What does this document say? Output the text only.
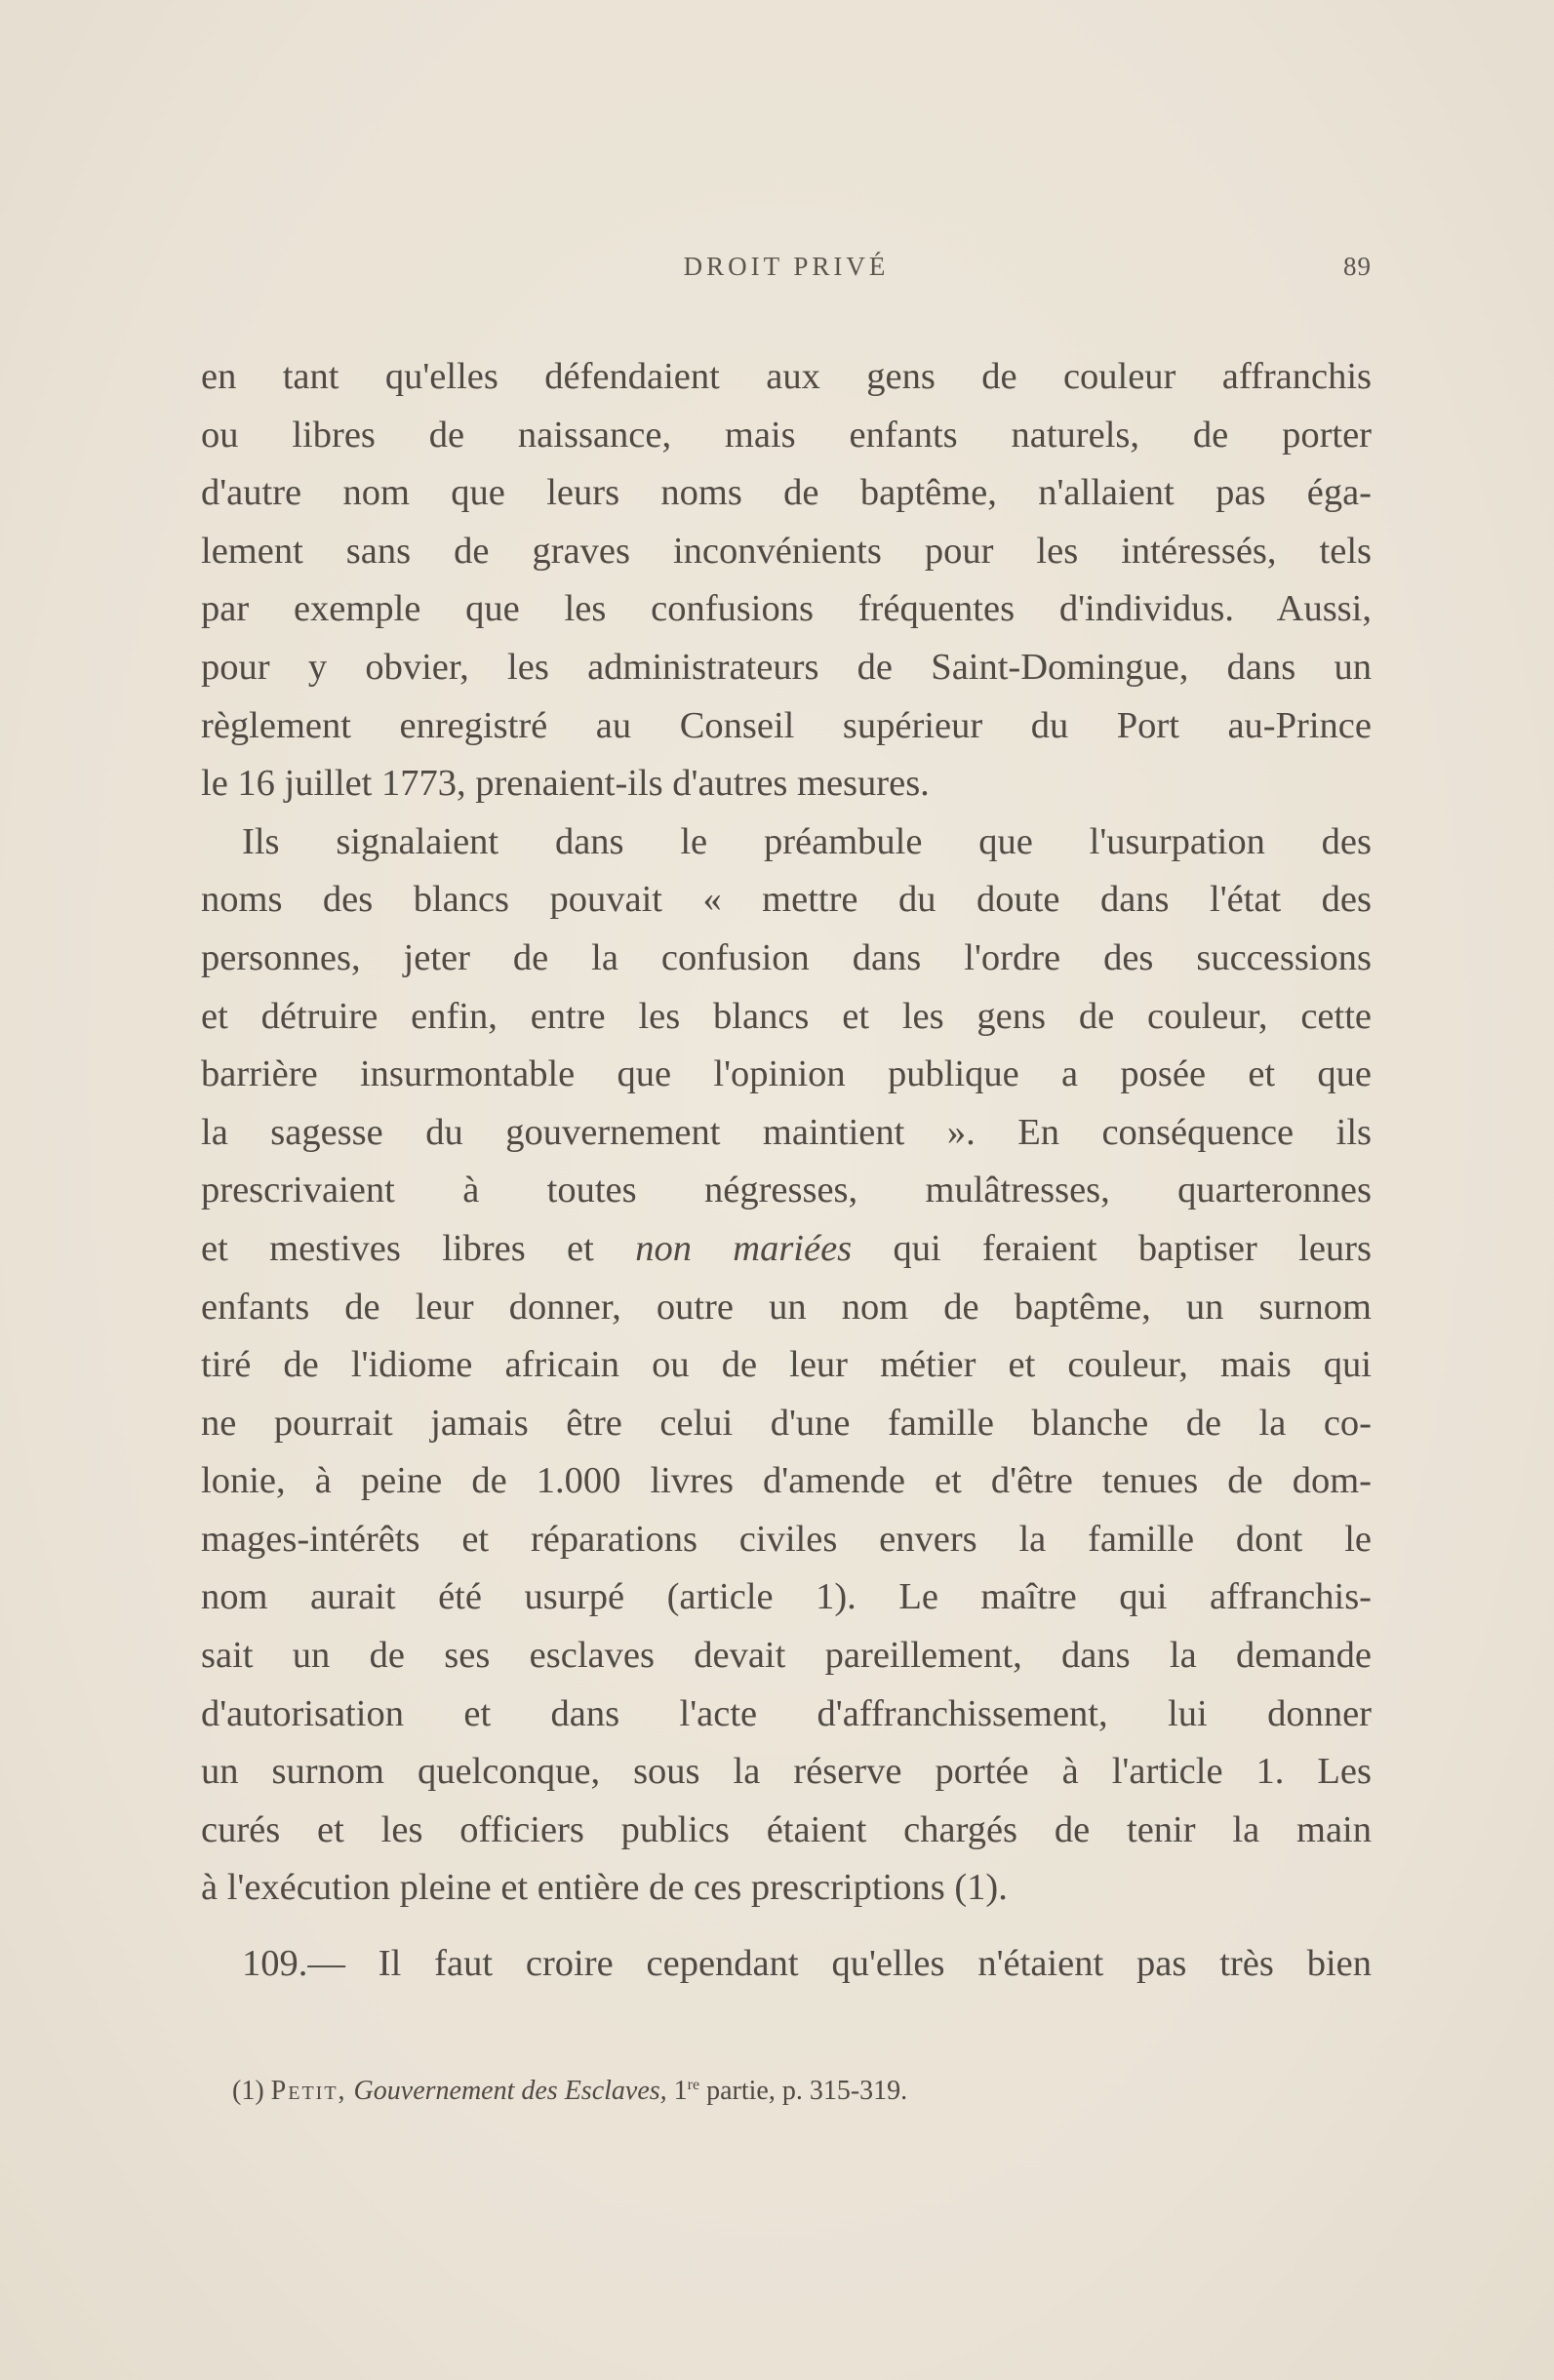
DROIT PRIVÉ	89
en tant qu'elles défendaient aux gens de couleur affranchis
ou libres de naissance, mais enfants naturels, de porter
d'autre nom que leurs noms de baptême, n'allaient pas éga-
lement sans de graves inconvénients pour les intéressés, tels
par exemple que les confusions fréquentes d'individus. Aussi,
pour y obvier, les administrateurs de Saint-Domingue, dans un
règlement enregistré au Conseil supérieur du Port au-Prince
le 16 juillet 1773, prenaient-ils d'autres mesures.
Ils signalaient dans le préambule que l'usurpation des
noms des blancs pouvait « mettre du doute dans l'état des
personnes, jeter de la confusion dans l'ordre des successions
et détruire enfin, entre les blancs et les gens de couleur, cette
barrière insurmontable que l'opinion publique a posée et que
la sagesse du gouvernement maintient ». En conséquence ils
prescrivaient à toutes négresses, mulâtresses, quarteronnes
et mestives libres et non mariées qui feraient baptiser leurs
enfants de leur donner, outre un nom de baptême, un surnom
tiré de l'idiome africain ou de leur métier et couleur, mais qui
ne pourrait jamais être celui d'une famille blanche de la co-
lonie, à peine de 1.000 livres d'amende et d'être tenues de dom-
mages-intérêts et réparations civiles envers la famille dont le
nom aurait été usurpé (article 1). Le maître qui affranchis-
sait un de ses esclaves devait pareillement, dans la demande
d'autorisation et dans l'acte d'affranchissement, lui donner
un surnom quelconque, sous la réserve portée à l'article 1. Les
curés et les officiers publics étaient chargés de tenir la main
à l'exécution pleine et entière de ces prescriptions (1).
109.— Il faut croire cependant qu'elles n'étaient pas très bien
(1) Petit, Gouvernement des Esclaves, 1re partie, p. 315-319.
